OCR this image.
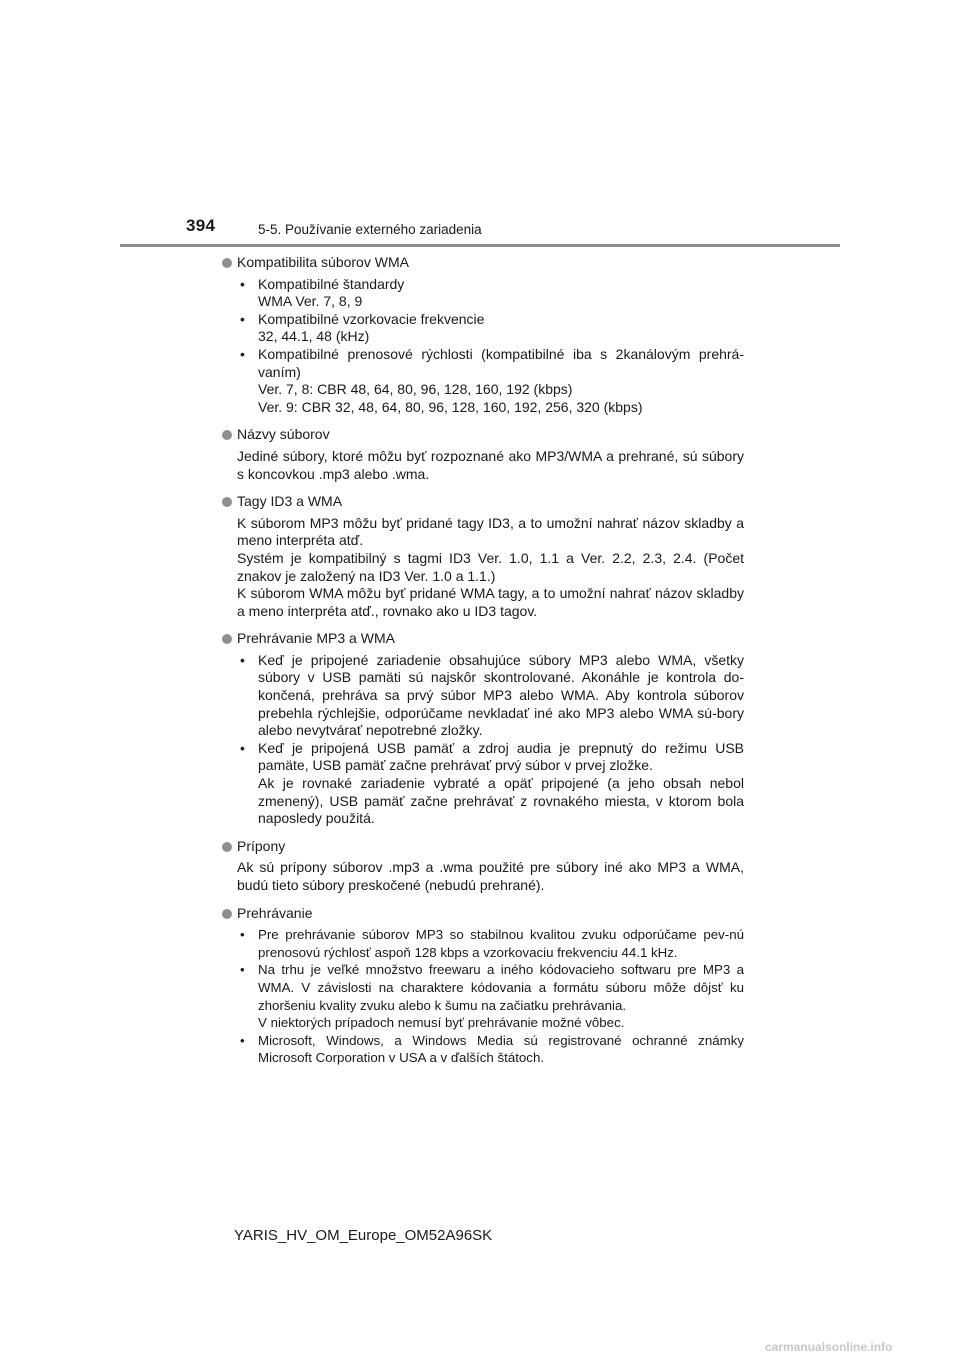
394	5-5. Používanie externého zariadenia
Kompatibilita súborov WMA
• Kompatibilné štandardy
WMA Ver. 7, 8, 9
• Kompatibilné vzorkovacie frekvencie
32, 44.1, 48 (kHz)
• Kompatibilné prenosové rýchlosti (kompatibilné iba s 2kanálovým prehrá-vaním)
Ver. 7, 8: CBR 48, 64, 80, 96, 128, 160, 192 (kbps)
Ver. 9: CBR 32, 48, 64, 80, 96, 128, 160, 192, 256, 320 (kbps)
Názvy súborov
Jediné súbory, ktoré môžu byť rozpoznané ako MP3/WMA a prehrané, sú súbory s koncovkou .mp3 alebo .wma.
Tagy ID3 a WMA
K súborom MP3 môžu byť pridané tagy ID3, a to umožní nahrať názov skladby a meno interpréta atď.
Systém je kompatibilný s tagmi ID3 Ver. 1.0, 1.1 a Ver. 2.2, 2.3, 2.4. (Počet znakov je založený na ID3 Ver. 1.0 a 1.1.)
K súborom WMA môžu byť pridané WMA tagy, a to umožní nahrať názov skladby a meno interpréta atď., rovnako ako u ID3 tagov.
Prehrávanie MP3 a WMA
• Keď je pripojené zariadenie obsahujúce súbory MP3 alebo WMA, všetky súbory v USB pamäti sú najskôr skontrolované. Akonáhle je kontrola do-končená, prehráva sa prvý súbor MP3 alebo WMA. Aby kontrola súborov prebehla rýchlejšie, odporúčame nevkladať iné ako MP3 alebo WMA sú-bory alebo nevytvárať nepotrebné zložky.
• Keď je pripojená USB pamäť a zdroj audia je prepnutý do režimu USB pamäte, USB pamäť začne prehrávať prvý súbor v prvej zložke.
Ak je rovnaké zariadenie vybraté a opäť pripojené (a jeho obsah nebol zmenený), USB pamäť začne prehrávať z rovnakého miesta, v ktorom bola naposledy použitá.
Prípony
Ak sú prípony súborov .mp3 a .wma použité pre súbory iné ako MP3 a WMA, budú tieto súbory preskočené (nebudú prehrané).
Prehrávanie
• Pre prehrávanie súborov MP3 so stabilnou kvalitou zvuku odporúčame pev-nú prenosovú rýchlosť aspoň 128 kbps a vzorkovaciu frekvenciu 44.1 kHz.
• Na trhu je veľké množstvo freewaru a iného kódovacieho softwaru pre MP3 a WMA. V závislosti na charaktere kódovania a formátu súboru môže dôjsť ku zhoršeniu kvality zvuku alebo k šumu na začiatku prehrávania.
V niektorých prípadoch nemusí byť prehrávanie možné vôbec.
• Microsoft, Windows, a Windows Media sú registrované ochranné známky Microsoft Corporation v USA a v ďalších štátoch.
YARIS_HV_OM_Europe_OM52A96SK
carmanualsonline.info
